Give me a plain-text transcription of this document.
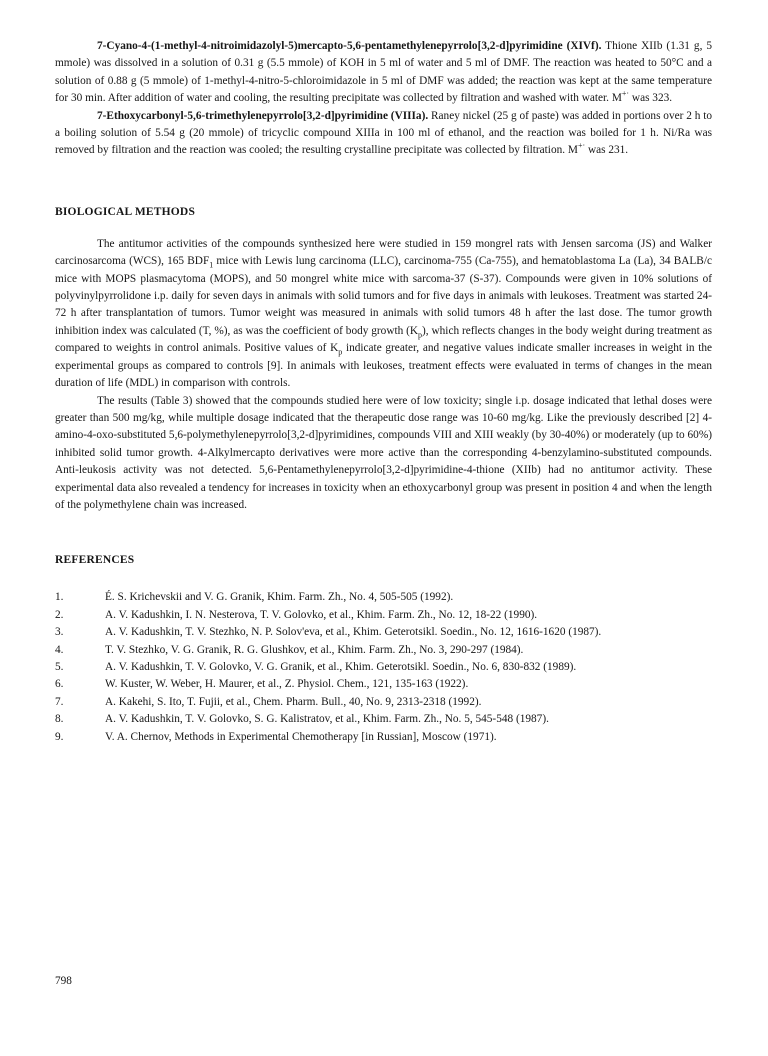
7-Cyano-4-(1-methyl-4-nitroimidazolyl-5)mercapto-5,6-pentamethylenepyrrolo[3,2-d]pyrimidine (XIVf). Thione XIIb (1.31 g, 5 mmole) was dissolved in a solution of 0.31 g (5.5 mmole) of KOH in 5 ml of water and 5 ml of DMF. The reaction was heated to 50°C and a solution of 0.88 g (5 mmole) of 1-methyl-4-nitro-5-chloroimidazole in 5 ml of DMF was added; the reaction was kept at the same temperature for 30 min. After addition of water and cooling, the resulting precipitate was collected by filtration and washed with water. M+· was 323.

7-Ethoxycarbonyl-5,6-trimethylenepyrrolo[3,2-d]pyrimidine (VIIIa). Raney nickel (25 g of paste) was added in portions over 2 h to a boiling solution of 5.54 g (20 mmole) of tricyclic compound XIIIa in 100 ml of ethanol, and the reaction was boiled for 1 h. Ni/Ra was removed by filtration and the reaction was cooled; the resulting crystalline precipitate was collected by filtration. M+· was 231.

BIOLOGICAL METHODS

The antitumor activities of the compounds synthesized here were studied in 159 mongrel rats with Jensen sarcoma (JS) and Walker carcinosarcoma (WCS), 165 $BDF_1$ mice with Lewis lung carcinoma (LLC), carcinoma-755 (Ca-755), and hematoblastoma La (La), 34 BALB/c mice with MOPS plasmacytoma (MOPS), and 50 mongrel white mice with sarcoma-37 (S-37). Compounds were given in 10% solutions of polyvinylpyrrolidone i.p. daily for seven days in animals with solid tumors and for five days in animals with leukoses. Treatment was started 24-72 h after transplantation of tumors. Tumor weight was measured in animals with solid tumors 48 h after the last dose. The tumor growth inhibition index was calculated (T, %), as was the coefficient of body growth $(K_p)$, which reflects changes in the body weight during treatment as compared to weights in control animals. Positive values of $K_p$ indicate greater, and negative values indicate smaller increases in weight in the experimental groups as compared to controls [9]. In animals with leukoses, treatment effects were evaluated in terms of changes in the mean duration of life (MDL) in comparison with controls.

The results (Table 3) showed that the compounds studied here were of low toxicity; single i.p. dosage indicated that lethal doses were greater than 500 mg/kg, while multiple dosage indicated that the therapeutic dose range was 10-60 mg/kg. Like the previously described [2] 4-amino-4-oxo-substituted 5,6-polymethylenepyrrolo[3,2-d]pyrimidines, compounds VIII and XIII weakly (by 30-40%) or moderately (up to 60%) inhibited solid tumor growth. 4-Alkylmercapto derivatives were more active than the corresponding 4-benzylamino-substituted compounds. Anti-leukosis activity was not detected. 5,6-Pentamethylenepyrrolo[3,2-d]pyrimidine-4-thione (XIIb) had no antitumor activity. These experimental data also revealed a tendency for increases in toxicity when an ethoxycarbonyl group was present in position 4 and when the length of the polymethylene chain was increased.

REFERENCES
1.	É. S. Krichevskii and V. G. Granik, Khim. Farm. Zh., No. 4, 505-505 (1992).
2.	A. V. Kadushkin, I. N. Nesterova, T. V. Golovko, et al., Khim. Farm. Zh., No. 12, 18-22 (1990).
3.	A. V. Kadushkin, T. V. Stezhko, N. P. Solov'eva, et al., Khim. Geterotsikl. Soedin., No. 12, 1616-1620 (1987).
4.	T. V. Stezhko, V. G. Granik, R. G. Glushkov, et al., Khim. Farm. Zh., No. 3, 290-297 (1984).
5.	A. V. Kadushkin, T. V. Golovko, V. G. Granik, et al., Khim. Geterotsikl. Soedin., No. 6, 830-832 (1989).
6.	W. Kuster, W. Weber, H. Maurer, et al., Z. Physiol. Chem., 121, 135-163 (1922).
7.	A. Kakehi, S. Ito, T. Fujii, et al., Chem. Pharm. Bull., 40, No. 9, 2313-2318 (1992).
8.	A. V. Kadushkin, T. V. Golovko, S. G. Kalistratov, et al., Khim. Farm. Zh., No. 5, 545-548 (1987).
9.	V. A. Chernov, Methods in Experimental Chemotherapy [in Russian], Moscow (1971).
798
